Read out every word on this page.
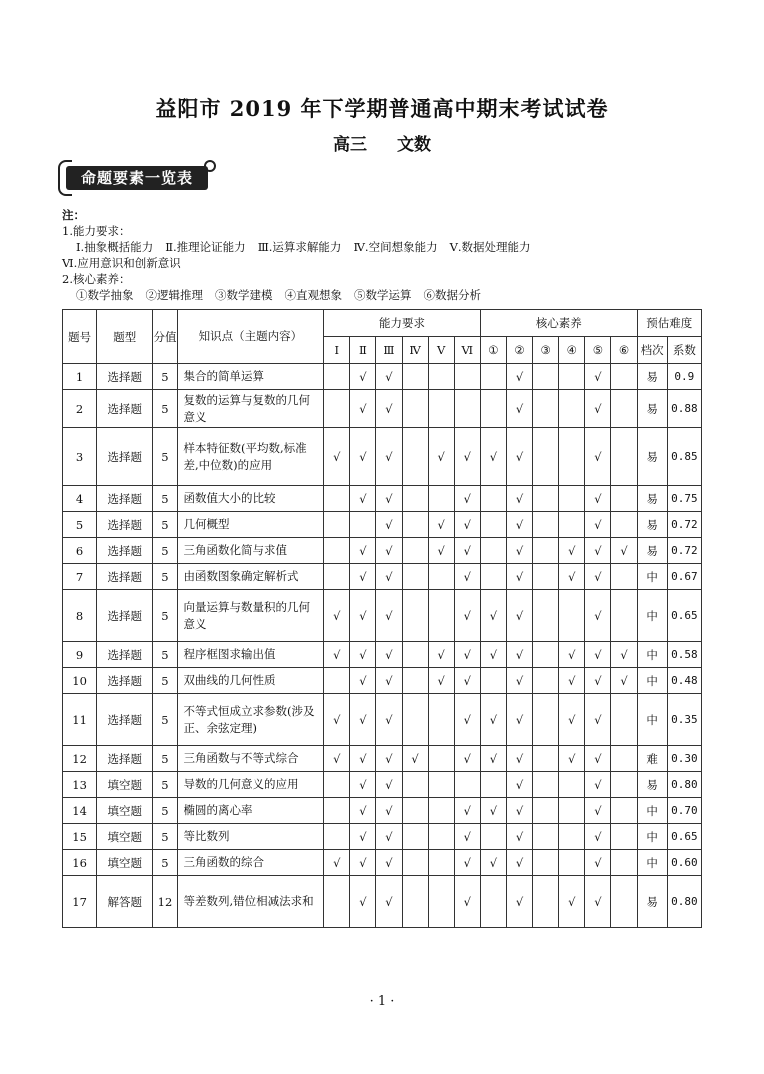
益阳市 2019 年下学期普通高中期末考试试卷
高三 文数
命题要素一览表
注：
1.能力要求：
Ⅰ.抽象概括能力 Ⅱ.推理论证能力 Ⅲ.运算求解能力 Ⅳ.空间想象能力 Ⅴ.数据处理能力
Ⅵ.应用意识和创新意识
2.核心素养：
①数学抽象 ②逻辑推理 ③数学建模 ④直观想象 ⑤数学运算 ⑥数据分析
题号	题型	分值	知识点（主题内容）	能力要求						核心素养						预估难度	
				Ⅰ	Ⅱ	Ⅲ	Ⅳ	Ⅴ	Ⅵ	①	②	③	④	⑤	⑥	档次	系数
1	选择题	5	集合的简单运算		√	√					√			√		易	0.9
2	选择题	5	复数的运算与复数的几何意义		√	√					√			√		易	0.88
3	选择题	5	样本特征数(平均数,标准差,中位数)的应用	√	√	√		√	√	√	√			√		易	0.85
4	选择题	5	函数值大小的比较		√	√			√		√			√		易	0.75
5	选择题	5	几何概型			√		√	√		√			√		易	0.72
6	选择题	5	三角函数化简与求值		√	√		√	√		√		√	√	√	易	0.72
7	选择题	5	由函数图象确定解析式		√	√			√		√		√	√		中	0.67
8	选择题	5	向量运算与数量积的几何意义	√	√	√			√	√	√			√		中	0.65
9	选择题	5	程序框图求输出值	√	√	√		√	√	√	√		√	√	√	中	0.58
10	选择题	5	双曲线的几何性质		√	√		√	√		√		√	√	√	中	0.48
11	选择题	5	不等式恒成立求参数(涉及正、余弦定理)	√	√	√			√	√	√		√	√		中	0.35
12	选择题	5	三角函数与不等式综合	√	√	√	√		√	√	√		√	√		难	0.30
13	填空题	5	导数的几何意义的应用		√	√					√			√		易	0.80
14	填空题	5	椭圆的离心率		√	√			√	√	√			√		中	0.70
15	填空题	5	等比数列		√	√			√		√			√		中	0.65
16	填空题	5	三角函数的综合	√	√	√			√	√	√			√		中	0.60
17	解答题	12	等差数列,错位相减法求和		√	√			√		√		√	√		易	0.80
· 1 ·
